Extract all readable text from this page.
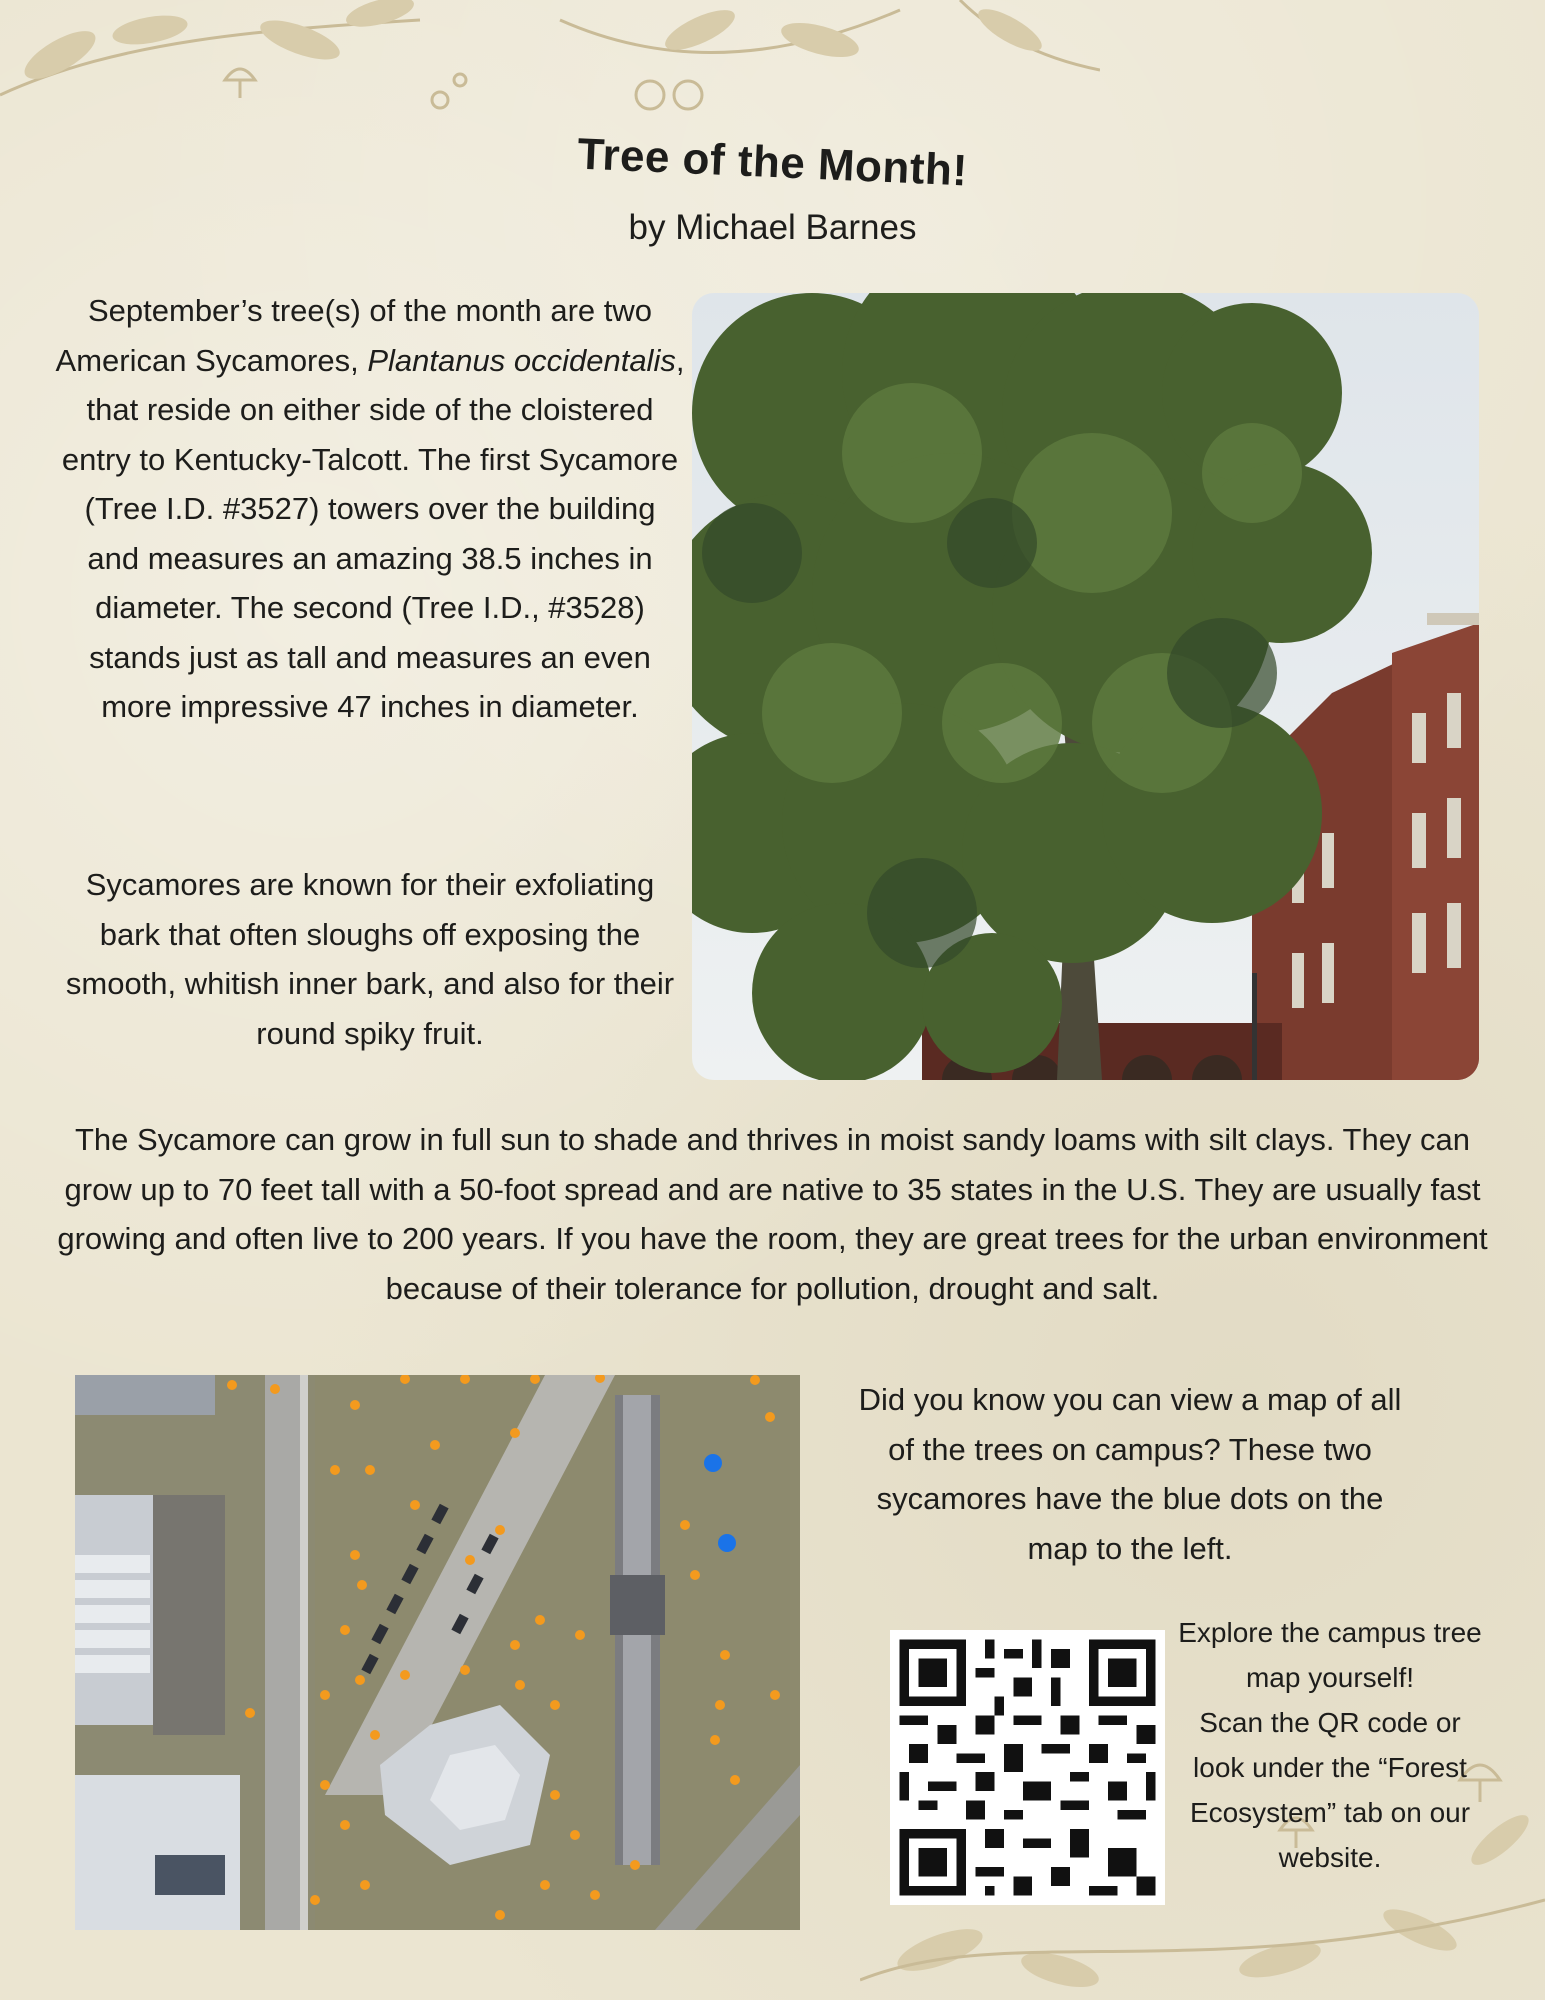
Tree of the Month!
by Michael Barnes
September’s tree(s) of the month are two American Sycamores, Plantanus occidentalis, that reside on either side of the cloistered entry to Kentucky-Talcott. The first Sycamore (Tree I.D. #3527) towers over the building and measures an amazing 38.5 inches in diameter. The second (Tree I.D., #3528) stands just as tall and measures an even more impressive 47 inches in diameter.
Sycamores are known for their exfoliating bark that often sloughs off exposing the smooth, whitish inner bark, and also for their round spiky fruit.
The Sycamore can grow in full sun to shade and thrives in moist sandy loams with silt clays. They can grow up to 70 feet tall with a 50-foot spread and are native to 35 states in the U.S. They are usually fast growing and often live to 200 years. If you have the room, they are great trees for the urban environment because of their tolerance for pollution, drought and salt.
Did you know you can view a map of all of the trees on campus? These two sycamores have the blue dots on the map to the left.
Explore the campus tree map yourself!
Scan the QR code or look under the “Forest Ecosystem” tab on our website.
